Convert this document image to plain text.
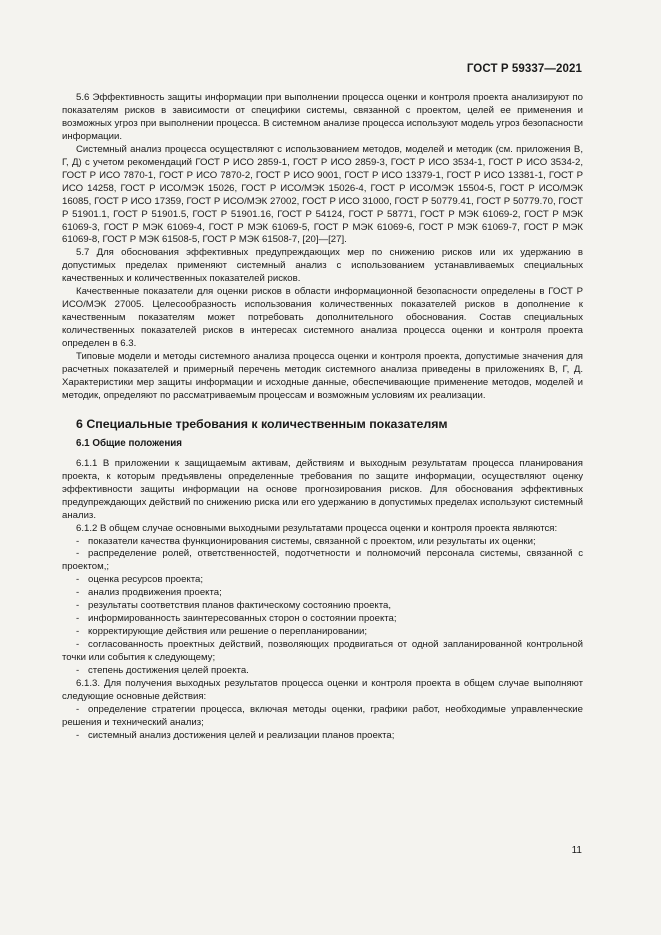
ГОСТ Р 59337—2021

5.6 Эффективность защиты информации при выполнении процесса оценки и контроля проекта анализируют по показателям рисков в зависимости от специфики системы, связанной с проектом, целей ее применения и возможных угроз при выполнении процесса. В системном анализе процесса используют модель угроз безопасности информации.

Системный анализ процесса осуществляют с использованием методов, моделей и методик (см. приложения В, Г, Д) с учетом рекомендаций ГОСТ Р ИСО 2859-1, ГОСТ Р ИСО 2859-3, ГОСТ Р ИСО 3534-1, ГОСТ Р ИСО 3534-2, ГОСТ Р ИСО 7870-1, ГОСТ Р ИСО 7870-2, ГОСТ Р ИСО 9001, ГОСТ Р ИСО 13379-1, ГОСТ Р ИСО 13381-1, ГОСТ Р ИСО 14258, ГОСТ Р ИСО/МЭК 15026, ГОСТ Р ИСО/МЭК 15026-4, ГОСТ Р ИСО/МЭК 15504-5, ГОСТ Р ИСО/МЭК 16085, ГОСТ Р ИСО 17359, ГОСТ Р ИСО/МЭК 27002, ГОСТ Р ИСО 31000, ГОСТ Р 50779.41, ГОСТ Р 50779.70, ГОСТ Р 51901.1, ГОСТ Р 51901.5, ГОСТ Р 51901.16, ГОСТ Р 54124, ГОСТ Р 58771, ГОСТ Р МЭК 61069-2, ГОСТ Р МЭК 61069-3, ГОСТ Р МЭК 61069-4, ГОСТ Р МЭК 61069-5, ГОСТ Р МЭК 61069-6, ГОСТ Р МЭК 61069-7, ГОСТ Р МЭК 61069-8, ГОСТ Р МЭК 61508-5, ГОСТ Р МЭК 61508-7, [20]—[27].

5.7 Для обоснования эффективных предупреждающих мер по снижению рисков или их удержанию в допустимых пределах применяют системный анализ с использованием устанавливаемых специальных качественных и количественных показателей рисков.

Качественные показатели для оценки рисков в области информационной безопасности определены в ГОСТ Р ИСО/МЭК 27005. Целесообразность использования количественных показателей рисков в дополнение к качественным показателям может потребовать дополнительного обоснования. Состав специальных количественных показателей рисков в интересах системного анализа процесса оценки и контроля проекта определен в 6.3.

Типовые модели и методы системного анализа процесса оценки и контроля проекта, допустимые значения для расчетных показателей и примерный перечень методик системного анализа приведены в приложениях В, Г, Д. Характеристики мер защиты информации и исходные данные, обеспечивающие применение методов, моделей и методик, определяют по рассматриваемым процессам и возможным условиям их реализации.

6 Специальные требования к количественным показателям
6.1 Общие положения

6.1.1 В приложении к защищаемым активам, действиям и выходным результатам процесса планирования проекта, к которым предъявлены определенные требования по защите информации, осуществляют оценку эффективности защиты информации на основе прогнозирования рисков. Для обоснования эффективных предупреждающих действий по снижению риска или его удержанию в допустимых пределах используют системный анализ.

6.1.2 В общем случае основными выходными результатами процесса оценки и контроля проекта являются:

- показатели качества функционирования системы, связанной с проектом, или результаты их оценки;

- распределение ролей, ответственностей, подотчетности и полномочий персонала системы, связанной с проектом,;

- оценка ресурсов проекта;

- анализ продвижения проекта;

- результаты соответствия планов фактическому состоянию проекта,

- информированность заинтересованных сторон о состоянии проекта;

- корректирующие действия или решение о перепланировании;

- согласованность проектных действий, позволяющих продвигаться от одной запланированной контрольной точки или события к следующему;

- степень достижения целей проекта.

6.1.3. Для получения выходных результатов процесса оценки и контроля проекта в общем случае выполняют следующие основные действия:

- определение стратегии процесса, включая методы оценки, графики работ, необходимые управленческие решения и технический анализ;

- системный анализ достижения целей и реализации планов проекта;

11
